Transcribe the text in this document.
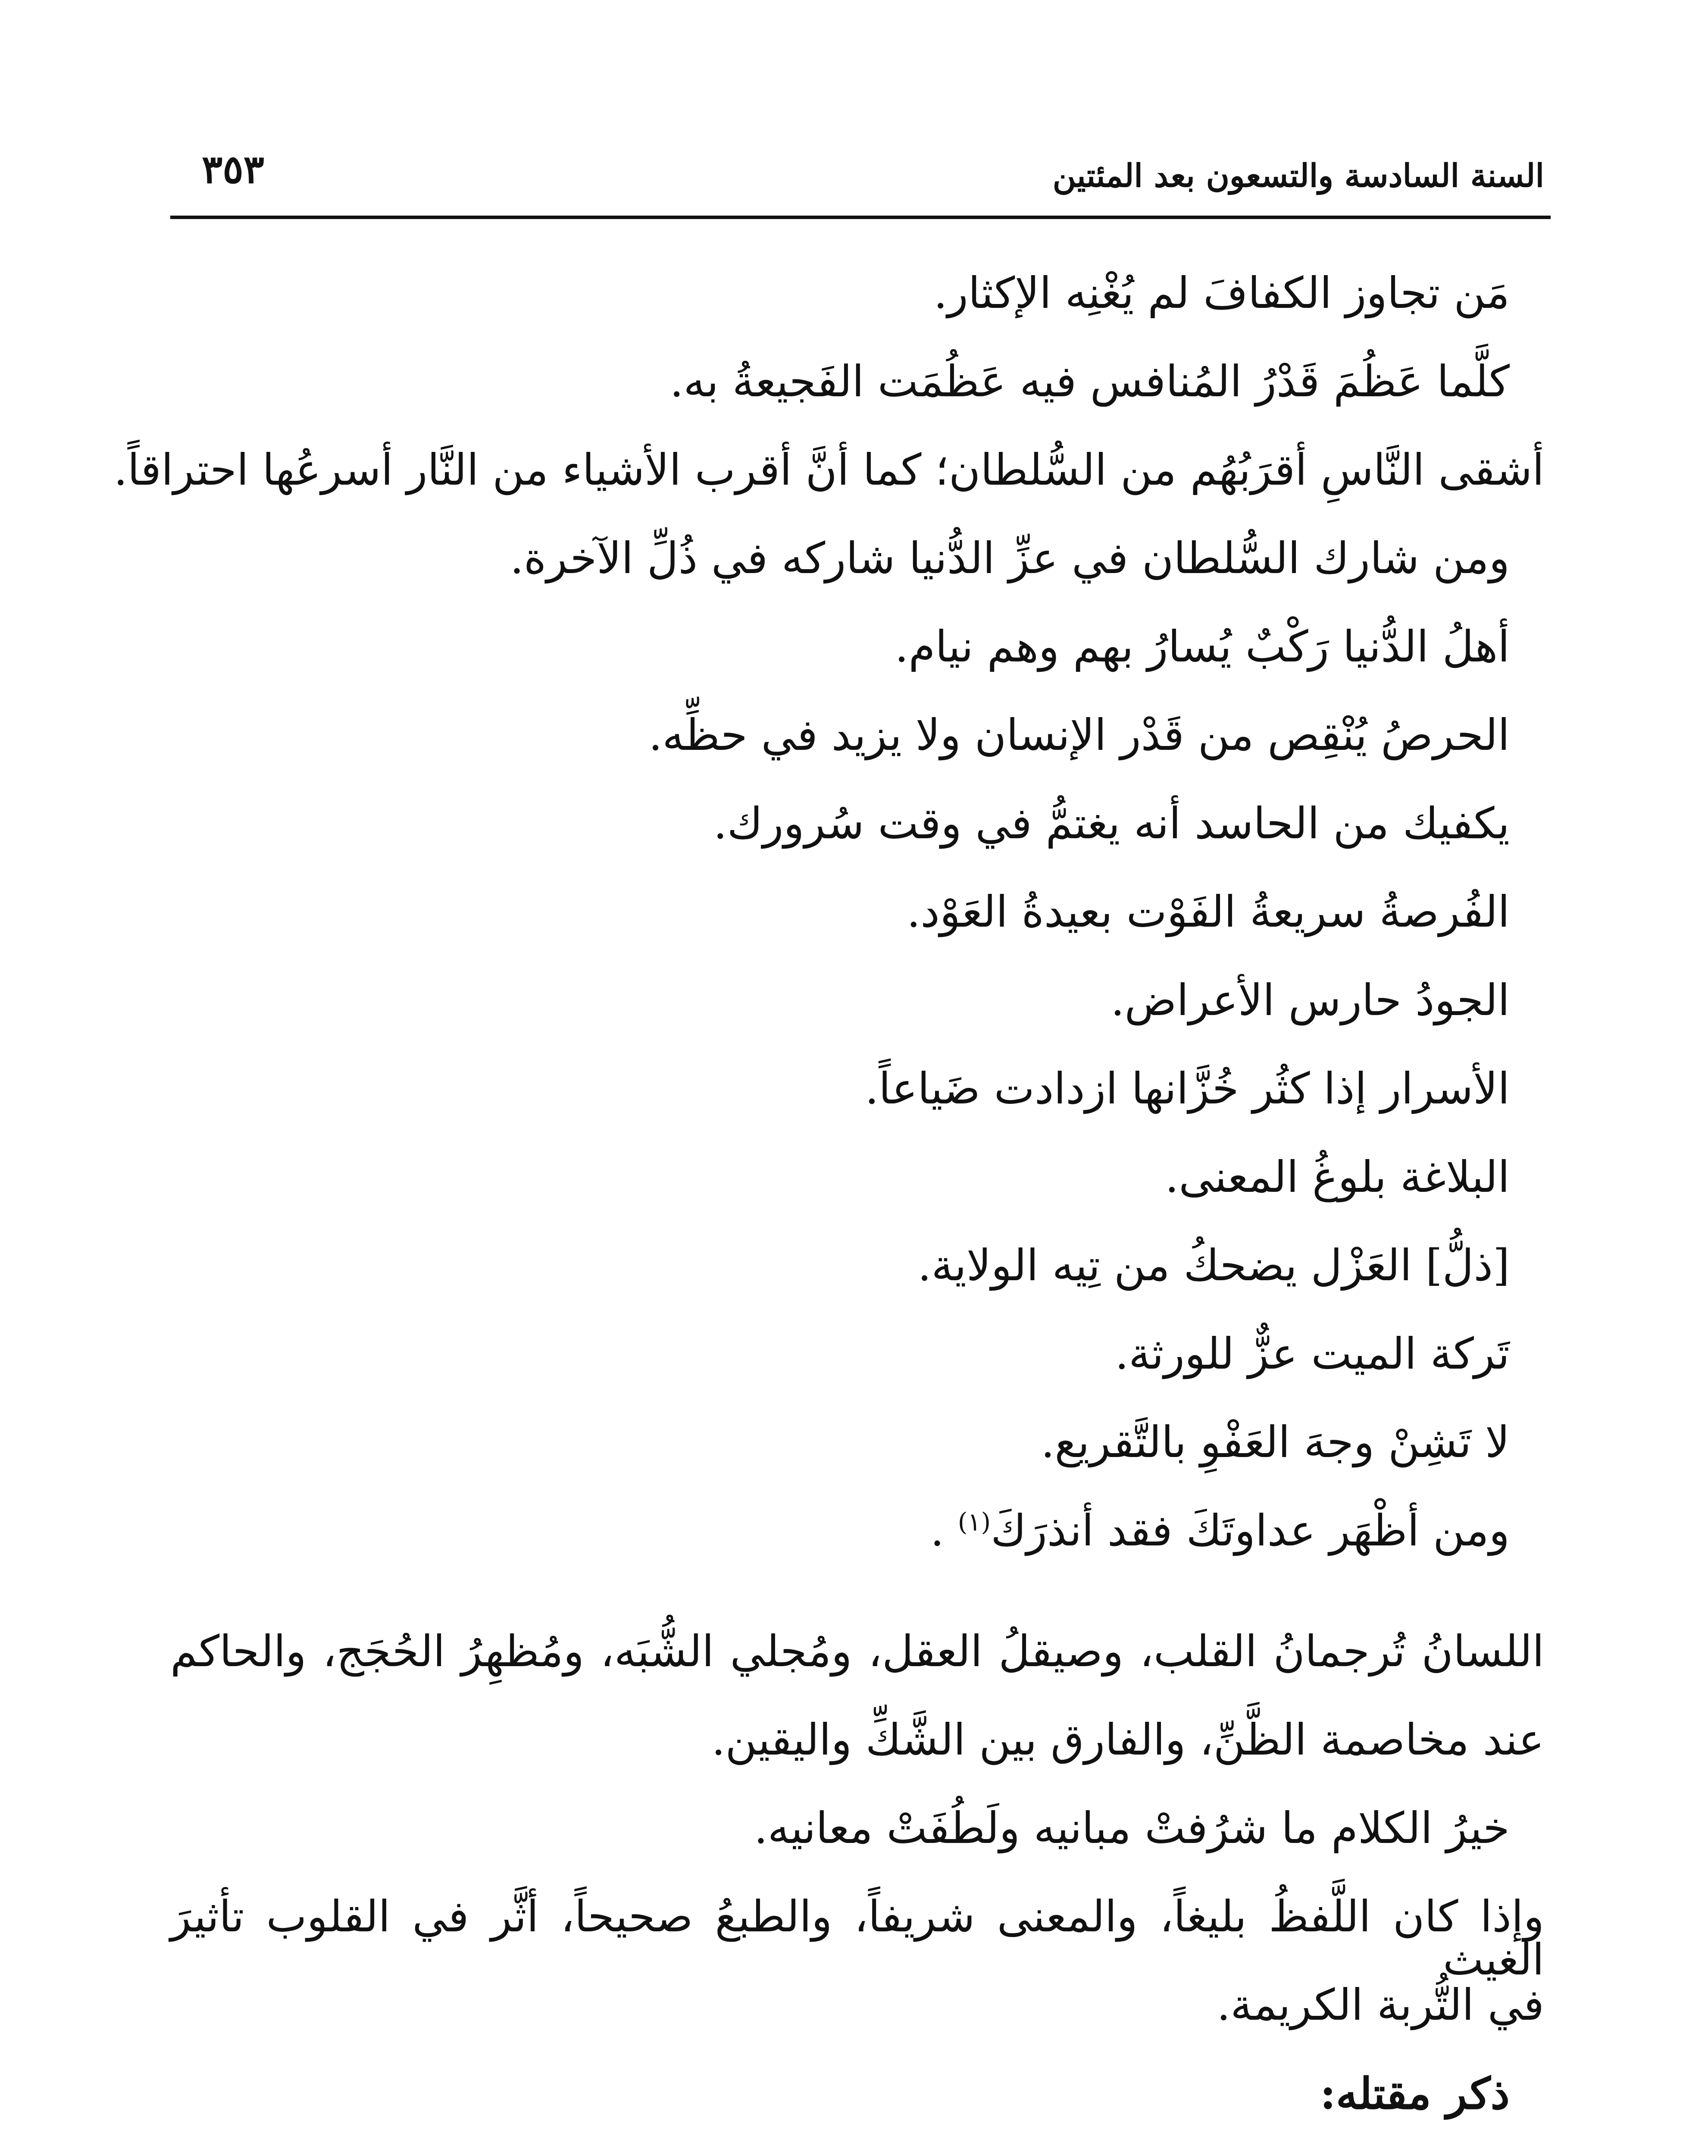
السنة السادسة والتسعون بعد المئتين
٣٥٣
مَن تجاوز الكفافَ لم يُغْنِه الإكثار.
كلَّما عَظُمَ قَدْرُ المُنافس فيه عَظُمَت الفَجيعةُ به.
أشقى النَّاسِ أقرَبُهُم من السُّلطان؛ كما أنَّ أقرب الأشياء من النَّار أسرعُها احتراقاً.
ومن شارك السُّلطان في عزِّ الدُّنيا شاركه في ذُلِّ الآخرة.
أهلُ الدُّنيا رَكْبٌ يُسارُ بهم وهم نيام.
الحرصُ يُنْقِص من قَدْر الإنسان ولا يزيد في حظِّه.
يكفيك من الحاسد أنه يغتمُّ في وقت سُرورك.
الفُرصةُ سريعةُ الفَوْت بعيدةُ العَوْد.
الجودُ حارس الأعراض.
الأسرار إذا كثُر خُزَّانها ازدادت ضَياعاً.
البلاغة بلوغُ المعنى.
[ذلُّ] العَزْل يضحكُ من تِيه الولاية.
تَركة الميت عزٌّ للورثة.
لا تَشِنْ وجهَ العَفْوِ بالتَّقريع.
ومن أظْهَر عداوتَكَ فقد أنذرَكَ$^{(١)}$ .
اللسانُ تُرجمانُ القلب، وصيقلُ العقل، ومُجلي الشُّبَه، ومُظهِرُ الحُجَج، والحاكم
عند مخاصمة الظَّنِّ، والفارق بين الشَّكِّ واليقين.
خيرُ الكلام ما شرُفتْ مبانيه ولَطُفَتْ معانيه.
وإذا كان اللَّفظُ بليغاً، والمعنى شريفاً، والطبعُ صحيحاً، أثَّر في القلوب تأثيرَ الغيث
في التُّربة الكريمة.
ذكر مقتله:
